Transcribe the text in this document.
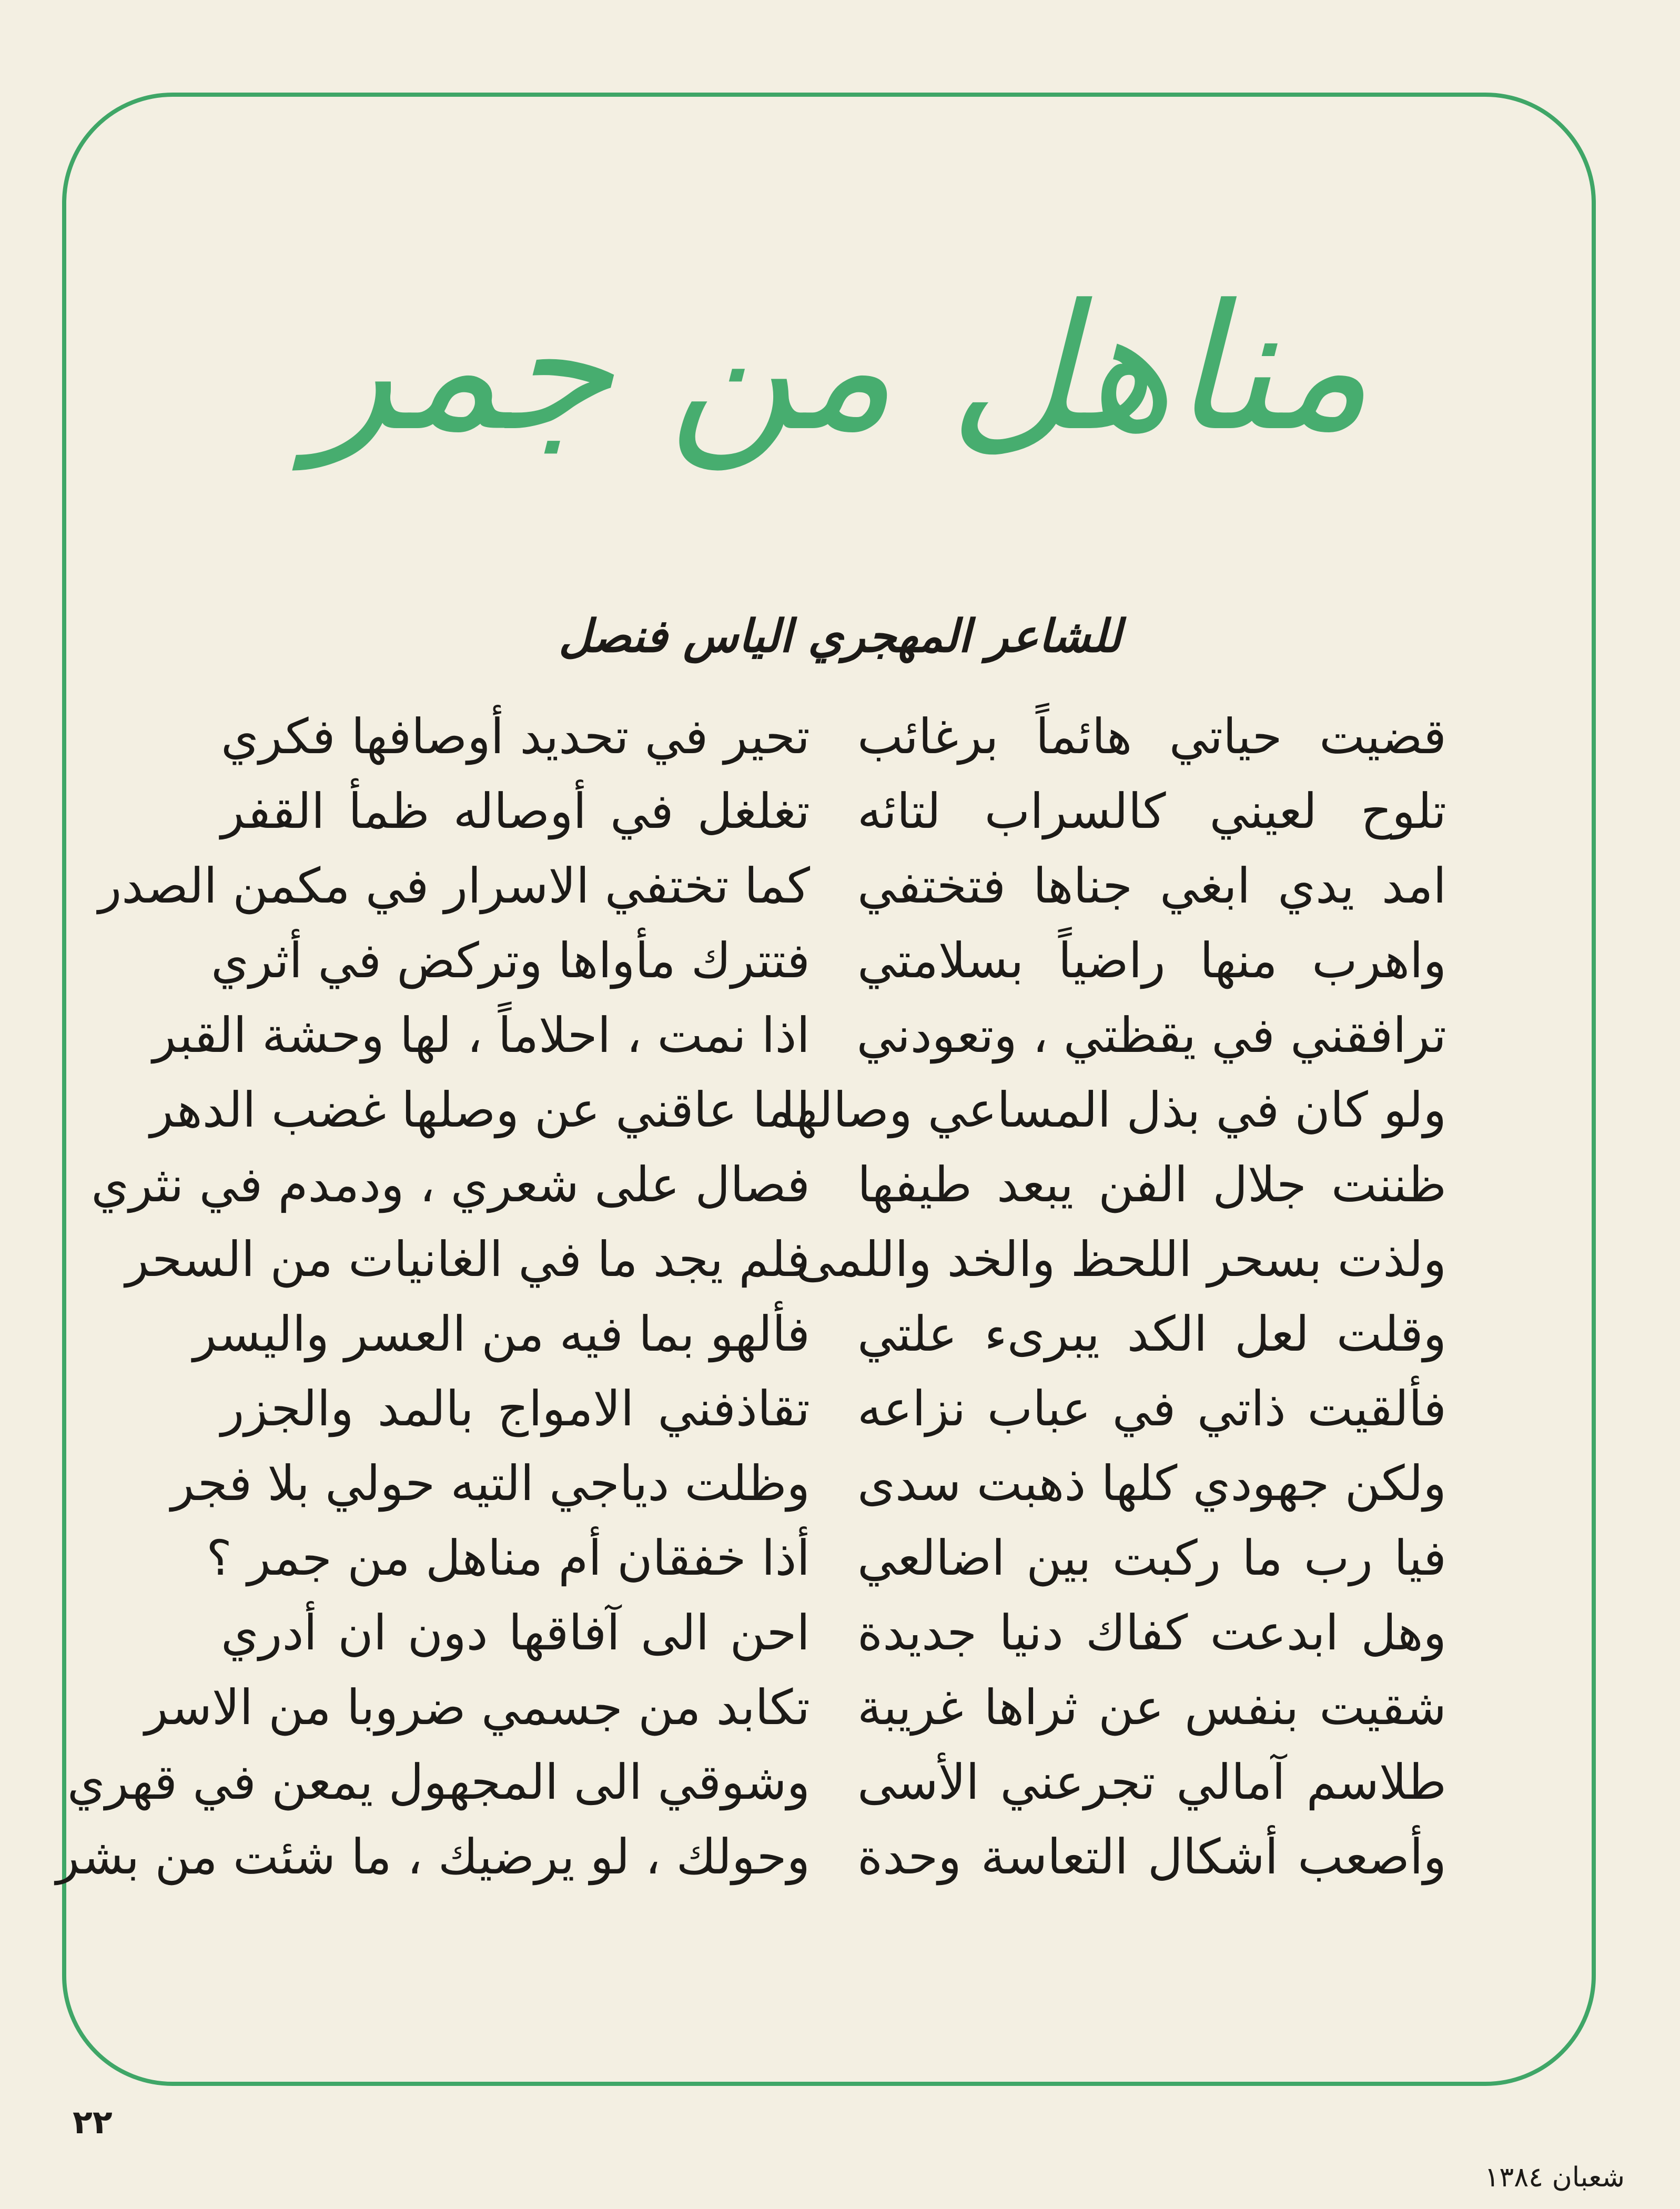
مناهل من جمر
للشاعر المهجري الياس فنصل
قضيت حياتي هائماً برغائب
تلوح لعيني كالسراب لتائه
امد يدي ابغي جناها فتختفي
واهرب منها راضياً بسلامتي
ترافقني في يقظتي ، وتعودني
ولو كان في بذل المساعي وصالها
ظننت جلال الفن يبعد طيفها
ولذت بسحر اللحظ والخد واللمى
وقلت لعل الكد يبرىء علتي
فألقيت ذاتي في عباب نزاعه
ولكن جهودي كلها ذهبت سدى
فيا رب ما ركبت بين اضالعي
وهل ابدعت كفاك دنيا جديدة
شقيت بنفس عن ثراها غريبة
طلاسم آمالي تجرعني الأسى
وأصعب أشكال التعاسة وحدة
تحير في تحديد أوصافها فكري
تغلغل في أوصاله ظمأ القفر
كما تختفي الاسرار في مكمن الصدر
فتترك مأواها وتركض في أثري
اذا نمت ، احلاماً ، لها وحشة القبر
لما عاقني عن وصلها غضب الدهر
فصال على شعري ، ودمدم في نثري
فلم يجد ما في الغانيات من السحر
فألهو بما فيه من العسر واليسر
تقاذفني الامواج بالمد والجزر
وظلت دياجي التيه حولي بلا فجر
أذا خفقان أم مناهل من جمر ؟
احن الى آفاقها دون ان أدري
تكابد من جسمي ضروبا من الاسر
وشوقي الى المجهول يمعن في قهري
وحولك ، لو يرضيك ، ما شئت من بشر
٢٢
شعبان ١٣٨٤
